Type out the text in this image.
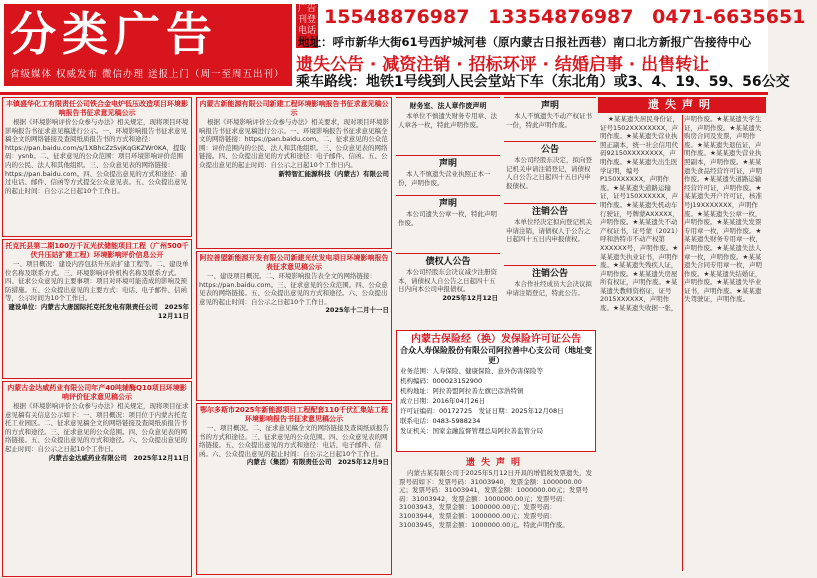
分类广告
省级媒体 权威发布 微信办理 送报上门（周一至周五出刊）
广告刊登电话
15548876987 13354876987 0471-6635651
地址：呼市新华大街61号西护城河巷（原内蒙古日报社西巷）南口北方新报广告接待中心
遗失公告 · 减资注销 · 招标环评 · 结婚启事 · 出售转让
乘车路线：地铁1号线到人民会堂站下车（东北角）或3、4、19、59、56公交
丰镇盛华化工有限责任公司铁合金电炉低压改造项目环境影响报告书征求意见稿公示

根据《环境影响评价公众参与办法》相关规定，现将项目环境影响报告书征求意见稿进行公示。一、环境影响报告书征求意见稿全文的网络链接及查阅纸质报告书的方式和途径：https://pan.baidu.com/s/1XBhcZzSvjKqGKZWr0KA，提取码：ysnb。二、征求意见的公众范围：项目环境影响评价范围内的公民、法人和其他组织。三、公众意见表的网络链接：https://pan.baidu.com。四、公众提出意见的方式和途径：通过电话、邮件、信函等方式提交公众意见表。五、公众提出意见的起止时间：自公示之日起10个工作日。

托克托县第二期100万千瓦光伏储能项目工程（广州500千伏升压站扩建工程）环境影响评价信息公开

一、项目概况：建设内容包括升压站扩建工程等。二、建设单位名称及联系方式。三、环境影响评价机构名称及联系方式。四、征求公众意见的主要事项：项目对环境可能造成的影响及预防措施。五、公众提出意见的主要方式：电话、电子邮件、信函等，公示时间为10个工作日。

建设单位：内蒙古大唐国际托克托发电有限责任公司　2025年12月11日
内蒙古金达威药业有限公司年产40吨辅酶Q10项目环境影响评价征求意见稿公示

根据《环境影响评价公众参与办法》相关规定，现将项目征求意见稿有关信息公示如下：一、项目概况：项目位于内蒙古托克托工业园区。二、征求意见稿全文的网络链接及查阅纸质报告书的方式和途径。三、征求意见的公众范围。四、公众意见表的网络链接。五、公众提出意见的方式和途径。六、公众提出意见的起止时间：自公示之日起10个工作日。

内蒙古金达威药业有限公司　2025年12月11日
内蒙古新能源有限公司新建工程环境影响报告书征求意见稿公示

根据《环境影响评价公众参与办法》相关要求，现对项目环境影响报告书征求意见稿进行公示。一、环境影响报告书征求意见稿全文的网络链接：https://pan.baidu.com。二、征求意见的公众范围：评价范围内的公民、法人和其他组织。三、公众意见表的网络链接。四、公众提出意见的方式和途径：电子邮件、信函。五、公众提出意见的起止时间：自公示之日起10个工作日内。

新特智汇能源科技（内蒙古）有限公司
阿拉善盟新能源开发有限公司新建光伏发电项目环境影响报告表征求意见稿公示

一、建设项目概况。二、环境影响报告表全文的网络链接：https://pan.baidu.com。三、征求意见的公众范围。四、公众意见表的网络链接。五、公众提出意见的方式和途径。六、公众提出意见的起止时间：自公示之日起10个工作日。

2025年十二月十一日
鄂尔多斯市2025年新能源项目工程配套110千伏汇集站工程环境影响报告书征求意见稿公示

一、项目概况。二、征求意见稿全文的网络链接及查阅纸质报告书的方式和途径。三、征求意见的公众范围。四、公众意见表的网络链接。五、公众提出意见的方式和途径：电话、电子邮件、信函。六、公众提出意见的起止时间：自公示之日起10个工作日。

内蒙古（集团）有限责任公司　2025年12月9日
财务室、法人章作废声明

本单位不慎遗失财务专用章、法人章各一枚，特此声明作废。

声明

本人不慎遗失营业执照正本一份，声明作废。

声明

本公司遗失公章一枚，特此声明作废。

债权人公告

本公司经股东会决议减少注册资本，请债权人自公告之日起四十五日内向本公司申报债权。

2025年12月12日
声明

本人不慎遗失不动产权证书一份，特此声明作废。

公告

本公司经股东决定，拟向登记机关申请注销登记，请债权人自公告之日起四十五日内申报债权。

注销公告

本单位经决定拟向登记机关申请注销，请债权人于公告之日起四十五日内申报债权。

注销公告

本合作社经成员大会决议拟申请注销登记，特此公告。

内蒙古保险经（换）发保险许可证公告
合众人寿保险股份有限公司阿拉善中心支公司（地址变更）
业务范围：人寿保险、健康保险、意外伤害保险等
机构编码：000023152900
机构地址：阿拉善盟阿拉善左旗巴彦浩特镇
成立日期：2016年04月26日
许可证编码：00172725　发证日期：2025年12月08日
联系电话：0483-5988234
发证机关：国家金融监督管理总局阿拉善监管分局
遗失声明

内蒙古某有限公司于2025年5月12日开具的增值税发票遗失，发票号码如下：发票号码：31003940，发票金额：1000000.00元；发票号码：31003941，发票金额：1000000.00元；发票号码：31003942，发票金额：1000000.00元；发票号码：31003943，发票金额：1000000.00元；发票号码：31003944，发票金额：1000000.00元；发票号码：31003945，发票金额：1000000.00元。特此声明作废。

遗失声明

★某某遗失居民身份证，证号1502XXXXXXXX，声明作废。★某某遗失营业执照正副本，统一社会信用代码92150XXXXXXXX，声明作废。★某某遗失出生医学证明，编号P150XXXXXX，声明作废。★某某遗失道路运输证，证号150XXXXXX，声明作废。★某某遗失机动车行驶证，号牌蒙AXXXXX，声明作废。★某某遗失不动产权证书，证号蒙（2021）呼和浩特市不动产权第XXXXXX号，声明作废。★某某遗失执业证书，声明作废。★某某遗失残疾人证，声明作废。★某某遗失房屋所有权证，声明作废。★某某遗失教师资格证，证号2015XXXXXX，声明作废。★某某遗失收据一张，声明作废。★某某遗失学生证，声明作废。★某某遗失购房合同及发票，声明作废。★某某遗失退伍证，声明作废。★某某遗失营业执照副本，声明作废。★某某遗失食品经营许可证，声明作废。★某某遗失道路运输经营许可证，声明作废。★某某遗失开户许可证，核准号J19XXXXXXX，声明作废。★某某遗失公章一枚，声明作废。★某某遗失发票专用章一枚，声明作废。★某某遗失财务专用章一枚，声明作废。★某某遗失法人章一枚，声明作废。★某某遗失合同专用章一枚，声明作废。★某某遗失结婚证，声明作废。★某某遗失毕业证书，声明作废。★某某遗失驾驶证，声明作废。
